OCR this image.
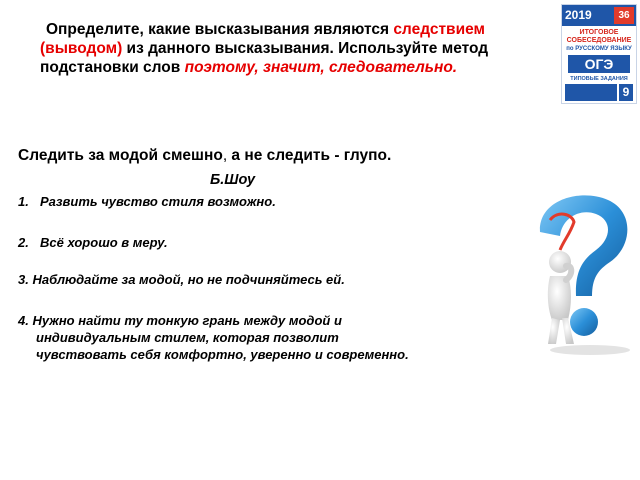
Определите, какие высказывания являются следствием (выводом) из данного высказывания. Используйте метод подстановки слов поэтому, значит, следовательно.
Следить за модой смешно, а не следить - глупо.
Б.Шоу
1. Развить чувство стиля возможно.
2. Всё хорошо в меру.
3. Наблюдайте за модой, но не подчиняйтесь ей.
4. Нужно найти ту тонкую грань между модой и
индивидуальным стилем, которая позволит
чувствовать себя комфортно, уверенно и современно.
2019	36
ИТОГОВОЕ
СОБЕСЕДОВАНИЕ
по РУССКОМУ ЯЗЫКУ
ОГЭ
ТИПОВЫЕ ЗАДАНИЯ
9
